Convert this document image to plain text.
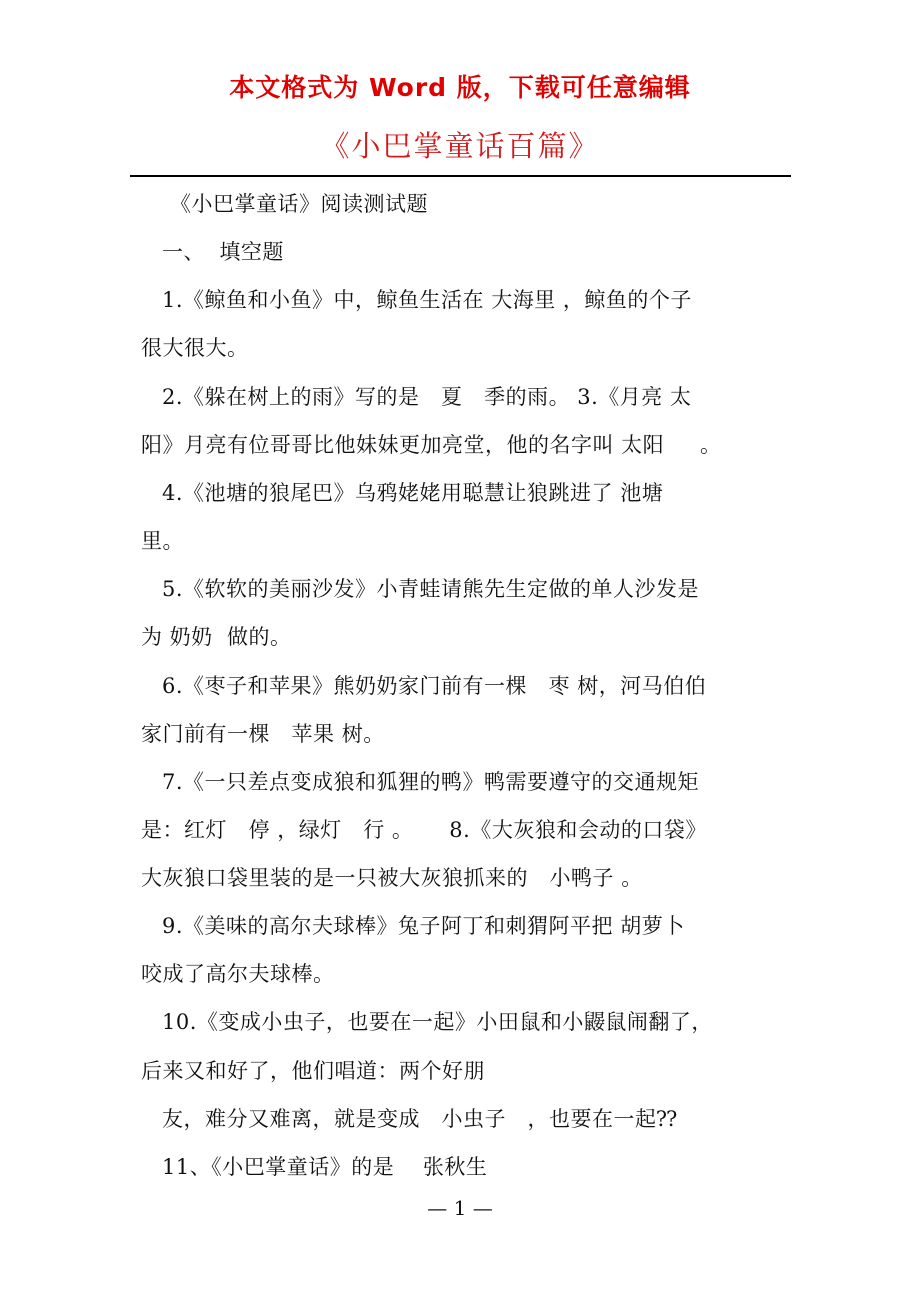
本文格式为 Word 版，下载可任意编辑
《小巴掌童话百篇》
《小巴掌童话》阅读测试题
一、  填空题
1.《鲸鱼和小鱼》中，鲸鱼生活在 大海里 ，鲸鱼的个子
很大很大。
2.《躲在树上的雨》写的是   夏   季的雨。 3.《月亮 太
阳》月亮有位哥哥比他妹妹更加亮堂，他的名字叫 太阳     。
4.《池塘的狼尾巴》乌鸦姥姥用聪慧让狼跳进了 池塘
里。
5.《软软的美丽沙发》小青蛙请熊先生定做的单人沙发是
为 奶奶  做的。
6.《枣子和苹果》熊奶奶家门前有一棵   枣 树，河马伯伯
家门前有一棵   苹果 树。
7.《一只差点变成狼和狐狸的鸭》鸭需要遵守的交通规矩
是：红灯   停 ，绿灯   行 。     8.《大灰狼和会动的口袋》
大灰狼口袋里装的是一只被大灰狼抓来的   小鸭子 。
9.《美味的高尔夫球棒》兔子阿丁和刺猬阿平把 胡萝卜
咬成了高尔夫球棒。
10.《变成小虫子，也要在一起》小田鼠和小鼹鼠闹翻了，
后来又和好了，他们唱道：两个好朋
友，难分又难离，就是变成   小虫子   ，也要在一起⁇
11、《小巴掌童话》的是    张秋生
— 1 —
